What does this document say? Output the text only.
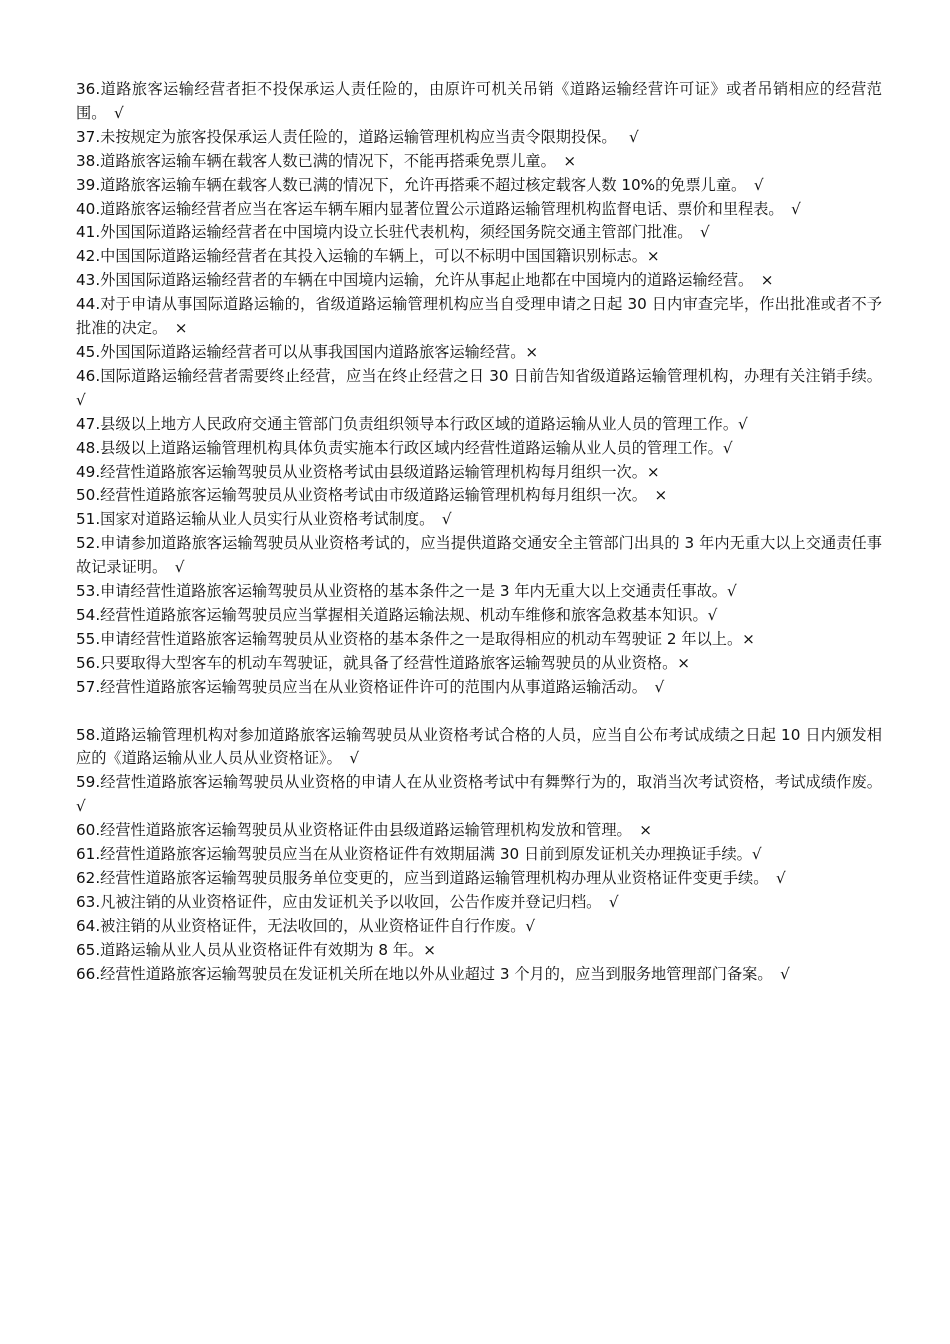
36.道路旅客运输经营者拒不投保承运人责任险的，由原许可机关吊销《道路运输经营许可证》或者吊销相应的经营范围。　√

37.未按规定为旅客投保承运人责任险的，道路运输管理机构应当责令限期投保。　 √

38.道路旅客运输车辆在载客人数已满的情况下，不能再搭乘免票儿童。　×

39.道路旅客运输车辆在载客人数已满的情况下，允许再搭乘不超过核定载客人数 10%的免票儿童。　√

40.道路旅客运输经营者应当在客运车辆车厢内显著位置公示道路运输管理机构监督电话、票价和里程表。　√

41.外国国际道路运输经营者在中国境内设立长驻代表机构，须经国务院交通主管部门批准。　√

42.中国国际道路运输经营者在其投入运输的车辆上，可以不标明中国国籍识别标志。×

43.外国国际道路运输经营者的车辆在中国境内运输，允许从事起止地都在中国境内的道路运输经营。　×

44.对于申请从事国际道路运输的，省级道路运输管理机构应当自受理申请之日起 30 日内审查完毕，作出批准或者不予批准的决定。　×

45.外国国际道路运输经营者可以从事我国国内道路旅客运输经营。×

46.国际道路运输经营者需要终止经营，应当在终止经营之日 30 日前告知省级道路运输管理机构，办理有关注销手续。√

47.县级以上地方人民政府交通主管部门负责组织领导本行政区域的道路运输从业人员的管理工作。√

48.县级以上道路运输管理机构具体负责实施本行政区域内经营性道路运输从业人员的管理工作。√

49.经营性道路旅客运输驾驶员从业资格考试由县级道路运输管理机构每月组织一次。×

50.经营性道路旅客运输驾驶员从业资格考试由市级道路运输管理机构每月组织一次。　×

51.国家对道路运输从业人员实行从业资格考试制度。　√

52.申请参加道路旅客运输驾驶员从业资格考试的，应当提供道路交通安全主管部门出具的 3 年内无重大以上交通责任事故记录证明。　√

53.申请经营性道路旅客运输驾驶员从业资格的基本条件之一是 3 年内无重大以上交通责任事故。√

54.经营性道路旅客运输驾驶员应当掌握相关道路运输法规、机动车维修和旅客急救基本知识。√

55.申请经营性道路旅客运输驾驶员从业资格的基本条件之一是取得相应的机动车驾驶证 2 年以上。×

56.只要取得大型客车的机动车驾驶证，就具备了经营性道路旅客运输驾驶员的从业资格。×

57.经营性道路旅客运输驾驶员应当在从业资格证件许可的范围内从事道路运输活动。　√

58.道路运输管理机构对参加道路旅客运输驾驶员从业资格考试合格的人员，应当自公布考试成绩之日起 10 日内颁发相应的《道路运输从业人员从业资格证》。　√

59.经营性道路旅客运输驾驶员从业资格的申请人在从业资格考试中有舞弊行为的，取消当次考试资格，考试成绩作废。√

60.经营性道路旅客运输驾驶员从业资格证件由县级道路运输管理机构发放和管理。　×

61.经营性道路旅客运输驾驶员应当在从业资格证件有效期届满 30 日前到原发证机关办理换证手续。√

62.经营性道路旅客运输驾驶员服务单位变更的，应当到道路运输管理机构办理从业资格证件变更手续。　√

63.凡被注销的从业资格证件，应由发证机关予以收回，公告作废并登记归档。　√

64.被注销的从业资格证件，无法收回的，从业资格证件自行作废。√

65.道路运输从业人员从业资格证件有效期为 8 年。×

66.经营性道路旅客运输驾驶员在发证机关所在地以外从业超过 3 个月的，应当到服务地管理部门备案。　√
